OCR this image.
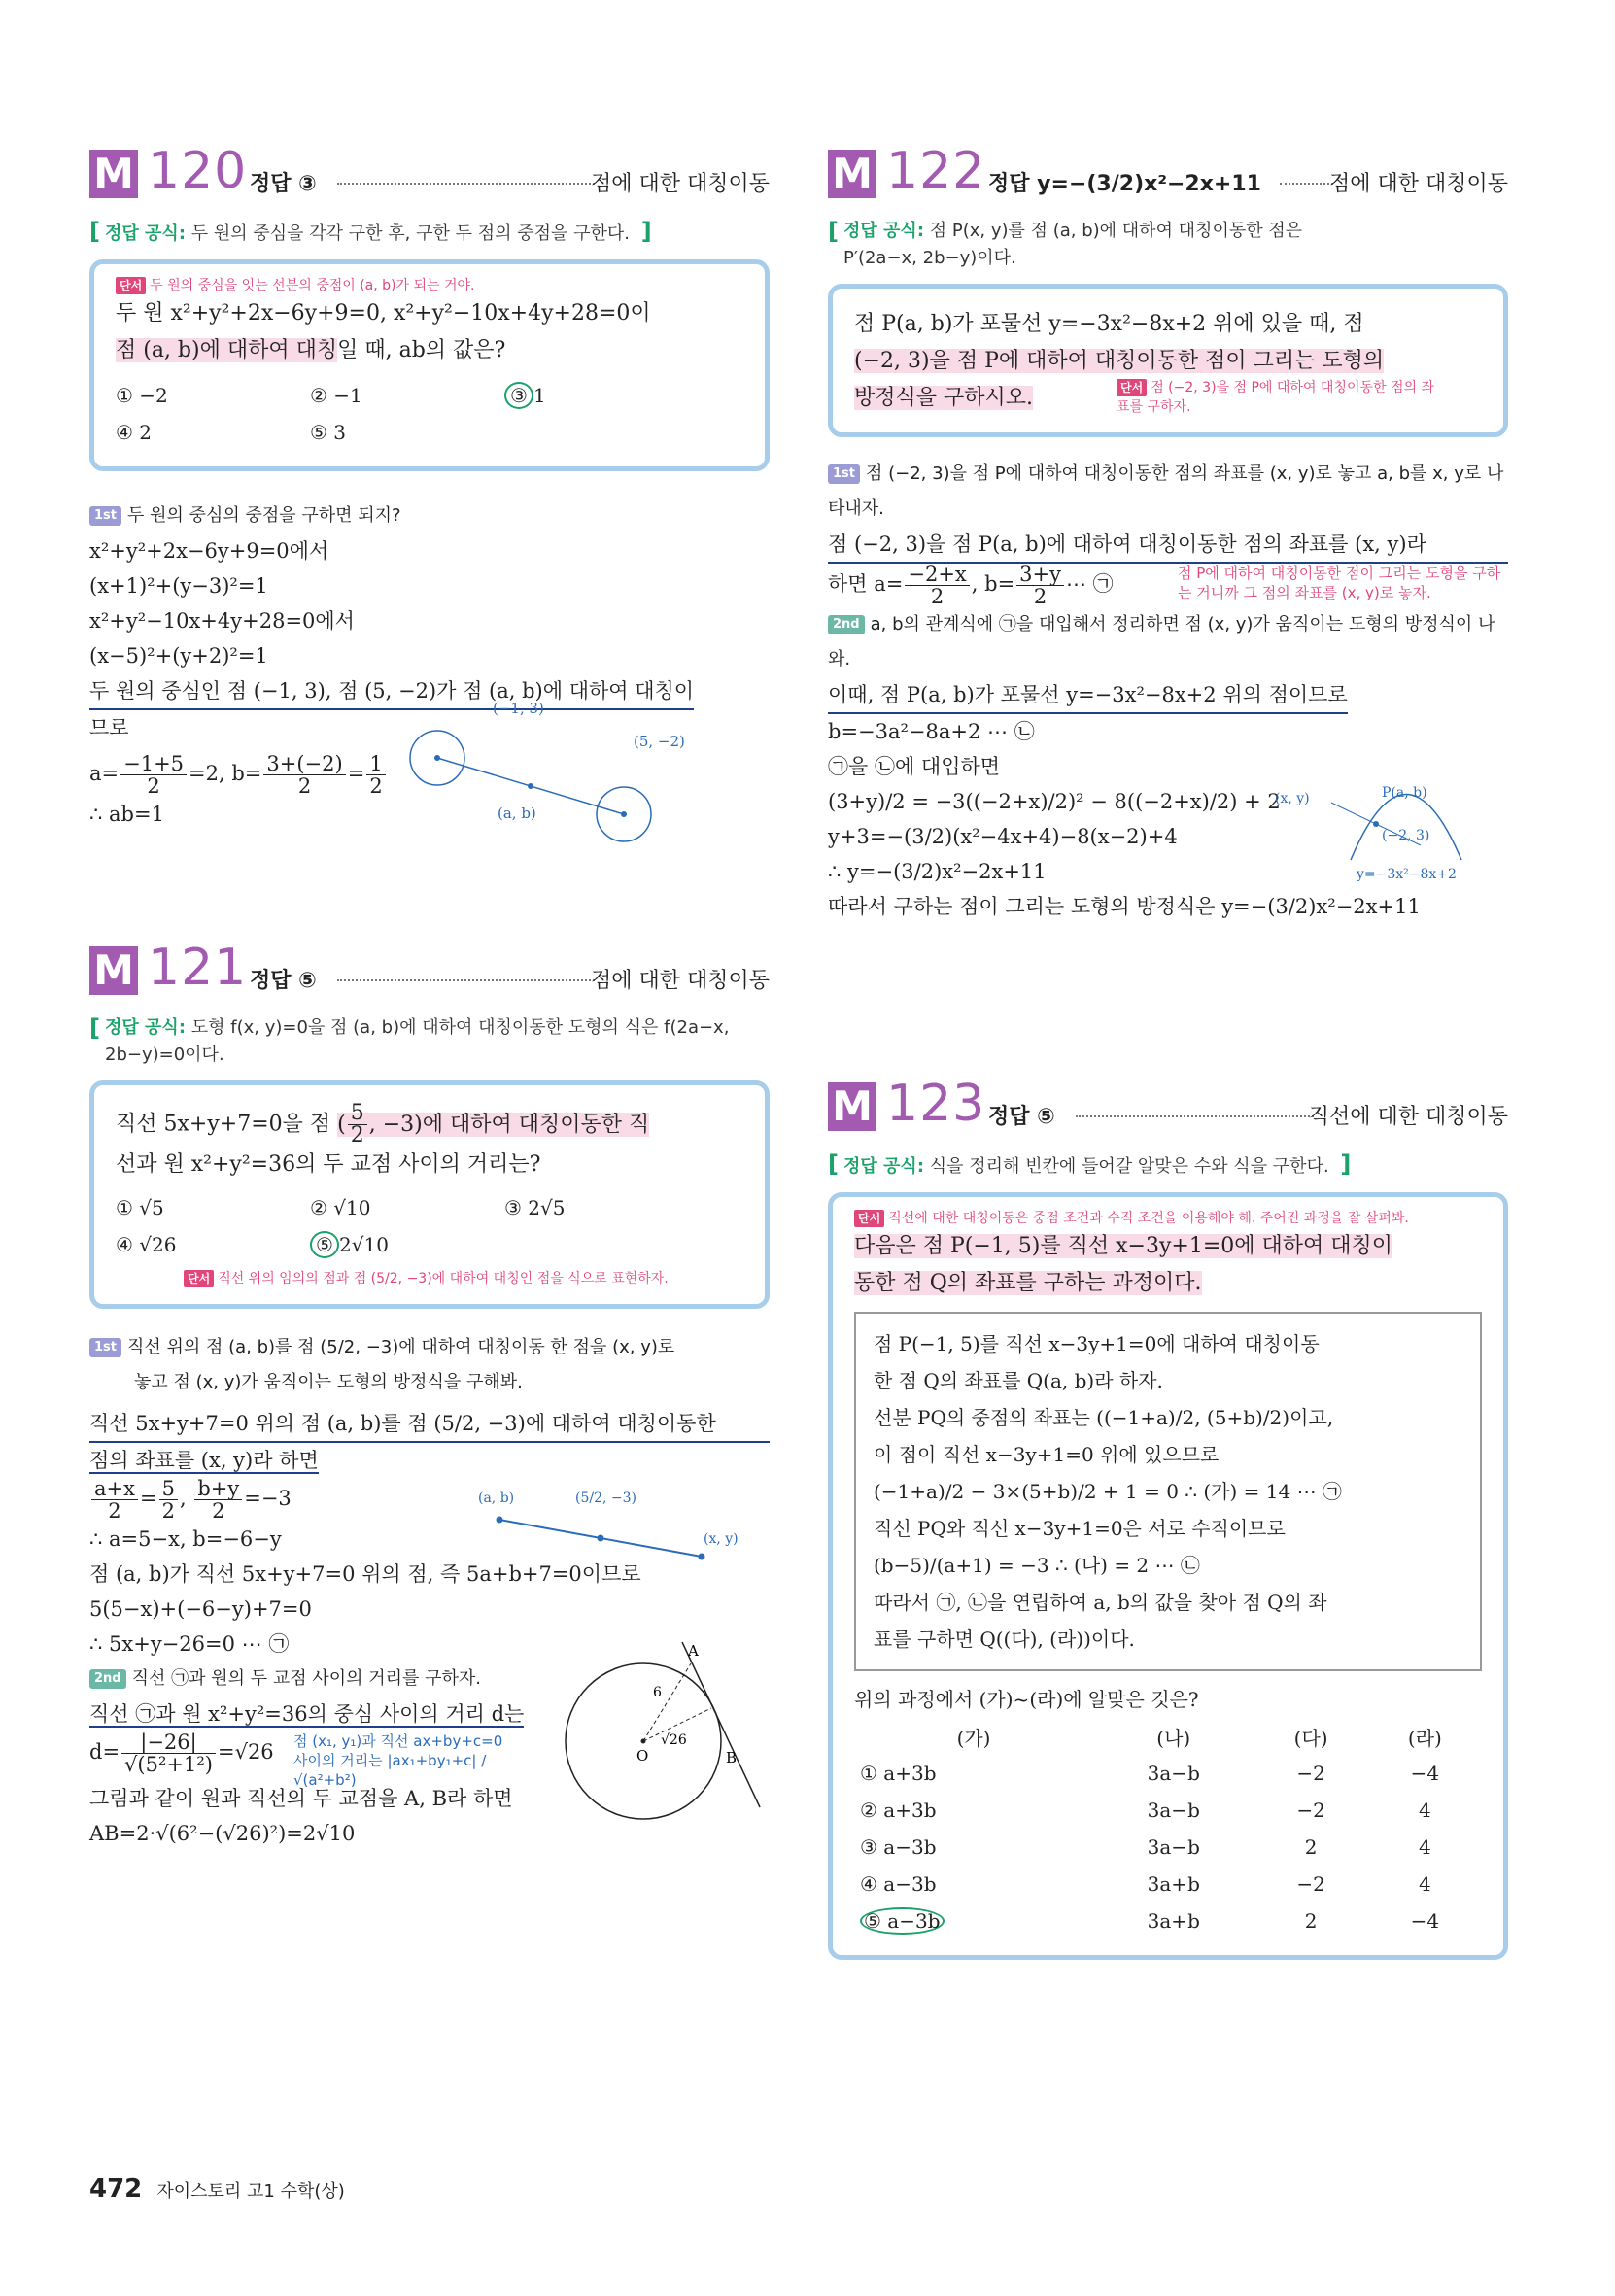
M 120 정답 ③	점에 대한 대칭이동
[ 정답 공식: 두 원의 중심을 각각 구한 후, 구한 두 점의 중점을 구한다. ]
단서 두 원의 중심을 잇는 선분의 중점이 (a, b)가 되는 거야.
두 원 x²+y²+2x−6y+9=0, x²+y²−10x+4y+28=0이
점 (a, b)에 대하여 대칭일 때, ab의 값은?
① −2	② −1	③ 1
④ 2	⑤ 3
1st 두 원의 중심의 중점을 구하면 되지?
x²+y²+2x−6y+9=0에서
(x+1)²+(y−3)²=1
x²+y²−10x+4y+28=0에서
(x−5)²+(y+2)²=1
두 원의 중심인 점 (−1, 3), 점 (5, −2)가 점 (a, b)에 대하여 대칭이
므로
$a= \frac{-1+5}{2} =2$, $b= \frac{3+(-2)}{2} = \frac{1}{2}$
∴ ab=1
(−1, 3)
(5, −2)
(a, b)
M 121 정답 ⑤	점에 대한 대칭이동
[ 정답 공식: 도형 f(x, y)=0을 점 (a, b)에 대하여 대칭이동한 도형의 식은 f(2a−x, 2b−y)=0이다.
직선 5x+y+7=0을 점 ( $\frac{5}{2}$ , −3)에 대하여 대칭이동한 직
선과 원 x²+y²=36의 두 교점 사이의 거리는?
① √5	② √10	③ 2√5
④ √26	⑤ 2√10
단서 직선 위의 임의의 점과 점 (5/2, −3)에 대하여 대칭인 점을 식으로 표현하자.
1st 직선 위의 점 (a, b)를 점 (5/2, −3)에 대하여 대칭이동 한 점을 (x, y)로
놓고 점 (x, y)가 움직이는 도형의 방정식을 구해봐.
직선 5x+y+7=0 위의 점 (a, b)를 점 (5/2, −3)에 대하여 대칭이동한
점의 좌표를 (x, y)라 하면
$\frac{a+x}{2} = \frac{5}{2}$ , $\frac{b+y}{2} =-3$
∴ a=5−x, b=−6−y
점 (a, b)가 직선 5x+y+7=0 위의 점, 즉 5a+b+7=0이므로
5(5−x)+(−6−y)+7=0
∴ 5x+y−26=0 ⋯ ㉠
2nd 직선 ㉠과 원의 두 교점 사이의 거리를 구하자.
직선 ㉠과 원 x²+y²=36의 중심 사이의 거리 d는
$d= \frac{|-26|}{\text{√(5²+1²)}} =√26$ 점 (x₁, y₁)과 직선 ax+by+c=0
사이의 거리는 |ax₁+by₁+c| / √(a²+b²)
그림과 같이 원과 직선의 두 교점을 A, B라 하면
AB=2·√(6²−(√26)²)=2√10
(a, b)	(5/2, −3)
(x, y)
A
B
O
6
√26
M 122 정답 y=−(3/2)x²−2x+11	점에 대한 대칭이동
[ 정답 공식: 점 P(x, y)를 점 (a, b)에 대하여 대칭이동한 점은 P′(2a−x, 2b−y)이다.
점 P(a, b)가 포물선 y=−3x²−8x+2 위에 있을 때, 점
(−2, 3)을 점 P에 대하여 대칭이동한 점이 그리는 도형의
방정식을 구하시오.	단서 점 (−2, 3)을 점 P에 대하여 대칭이동한 점의 좌표를 구하자.
1st 점 (−2, 3)을 점 P에 대하여 대칭이동한 점의 좌표를 (x, y)로 놓고 a, b를 x, y로 나타내자.
점 (−2, 3)을 점 P(a, b)에 대하여 대칭이동한 점의 좌표를 (x, y)라
하면 $a= \frac{-2+x}{2}$ , $b= \frac{3+y}{2}$ ⋯ ㉠	점 P에 대하여 대칭이동한 점이 그리는 도형을 구하는 거니까 그 점의 좌표를 (x, y)로 놓자.
2nd a, b의 관계식에 ㉠을 대입해서 정리하면 점 (x, y)가 움직이는 도형의 방정식이 나와.
이때, 점 P(a, b)가 포물선 y=−3x²−8x+2 위의 점이므로
b=−3a²−8a+2 ⋯ ㉡
㉠을 ㉡에 대입하면
(3+y)/2 = −3((−2+x)/2)² − 8((−2+x)/2) + 2
y+3=−(3/2)(x²−4x+4)−8(x−2)+4
∴ y=−(3/2)x²−2x+11
따라서 구하는 점이 그리는 도형의 방정식은 y=−(3/2)x²−2x+11
(x, y)	P(a, b)
(−2, 3)
y=−3x²−8x+2
M 123 정답 ⑤	직선에 대한 대칭이동
[ 정답 공식: 식을 정리해 빈칸에 들어갈 알맞은 수와 식을 구한다. ]
단서 직선에 대한 대칭이동은 중점 조건과 수직 조건을 이용해야 해. 주어진 과정을 잘 살펴봐.
다음은 점 P(−1, 5)를 직선 x−3y+1=0에 대하여 대칭이
동한 점 Q의 좌표를 구하는 과정이다.
점 P(−1, 5)를 직선 x−3y+1=0에 대하여 대칭이동
한 점 Q의 좌표를 Q(a, b)라 하자.
선분 PQ의 중점의 좌표는 ((−1+a)/2, (5+b)/2)이고,
이 점이 직선 x−3y+1=0 위에 있으므로
(−1+a)/2 − 3×(5+b)/2 + 1 = 0 ∴ (가) = 14 ⋯ ㉠
직선 PQ와 직선 x−3y+1=0은 서로 수직이므로
(b−5)/(a+1) = −3 ∴ (나) = 2 ⋯ ㉡
따라서 ㉠, ㉡을 연립하여 a, b의 값을 찾아 점 Q의 좌
표를 구하면 Q((다), (라))이다.
위의 과정에서 (가)~(라)에 알맞은 것은?
(가)	(나)	(다)	(라)
① a+3b	3a−b	−2	−4
② a+3b	3a−b	−2	4
③ a−3b	3a−b	2	4
④ a−3b	3a+b	−2	4
⑤ a−3b	3a+b	2	−4
472 자이스토리 고1 수학(상)
